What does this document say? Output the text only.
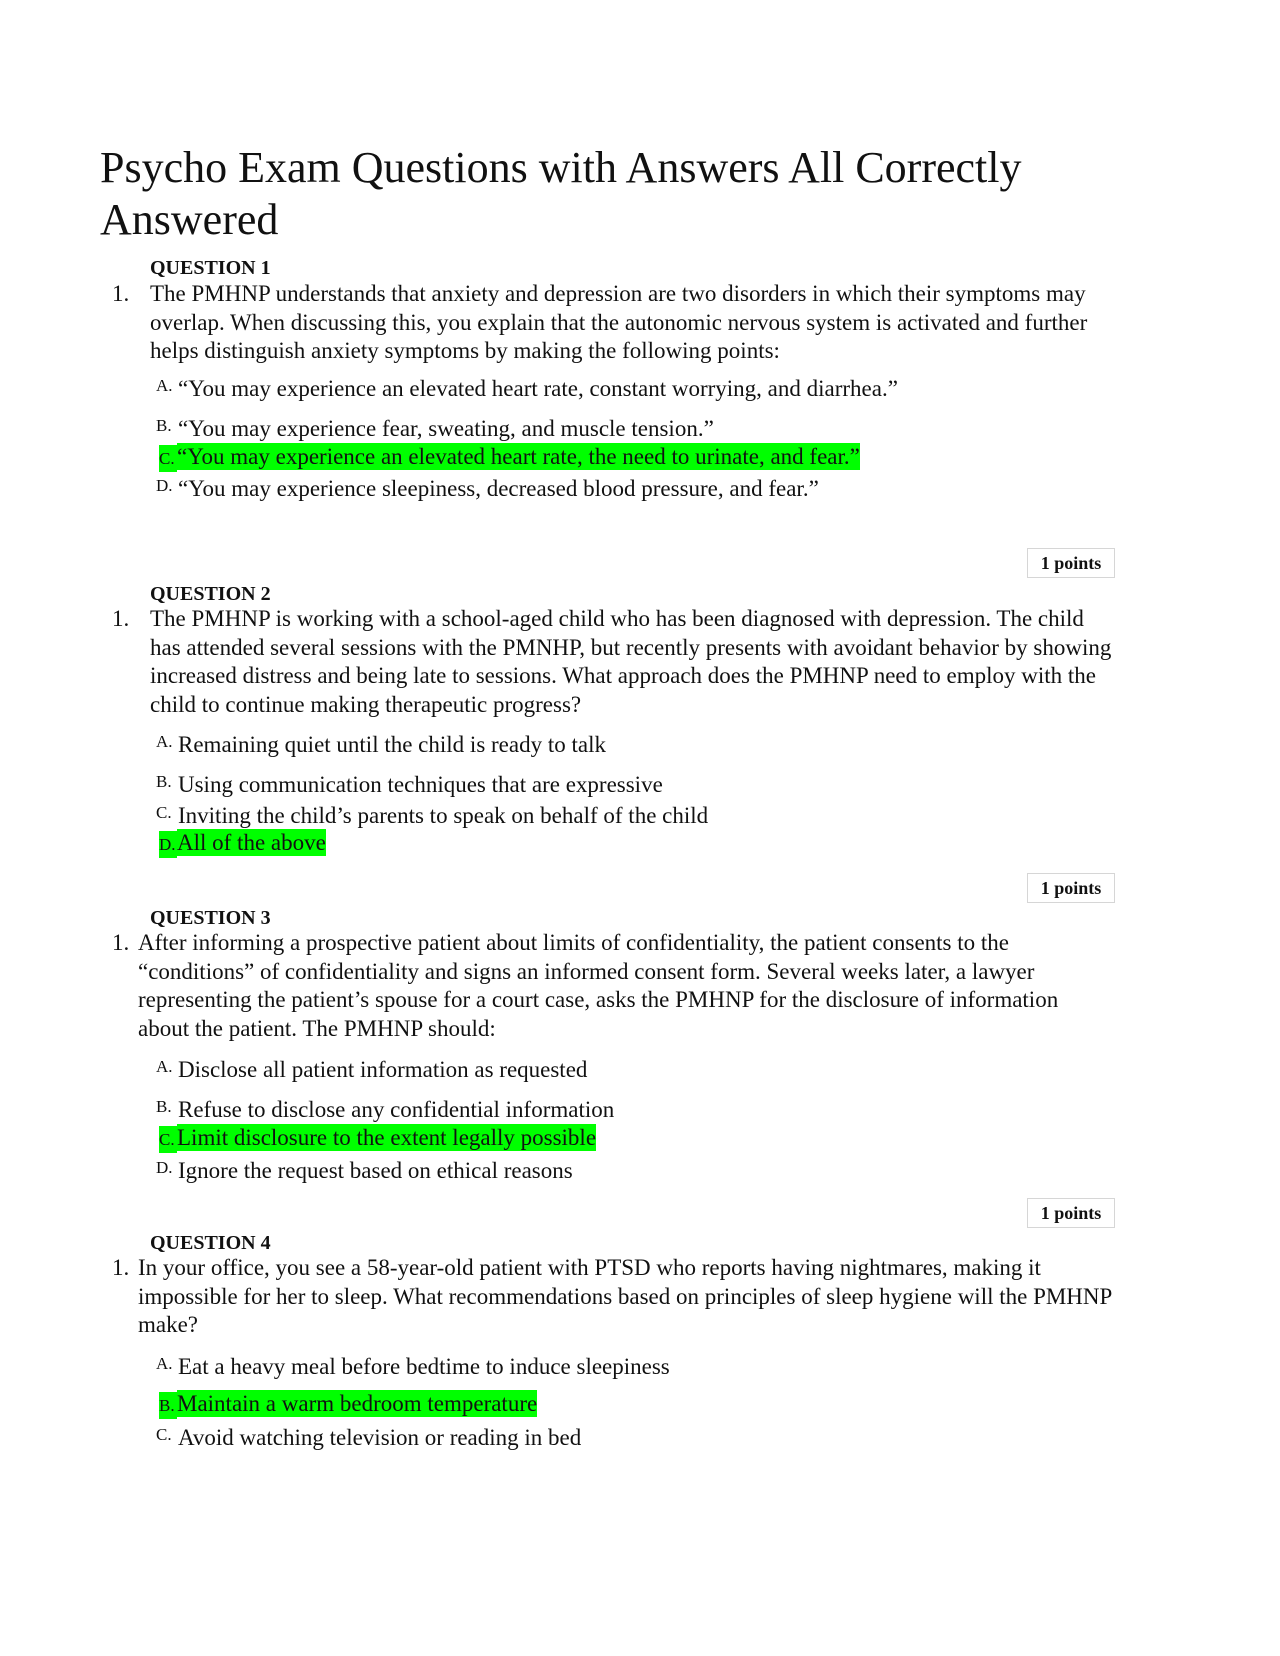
Psycho Exam Questions with Answers All Correctly Answered
QUESTION 1
1. The PMHNP understands that anxiety and depression are two disorders in which their symptoms may overlap. When discussing this, you explain that the autonomic nervous system is activated and further helps distinguish anxiety symptoms by making the following points:
A. “You may experience an elevated heart rate, constant worrying, and diarrhea.”
B. “You may experience fear, sweating, and muscle tension.”
C. “You may experience an elevated heart rate, the need to urinate, and fear.”
D. “You may experience sleepiness, decreased blood pressure, and fear.”
1 points
QUESTION 2
1. The PMHNP is working with a school-aged child who has been diagnosed with depression. The child has attended several sessions with the PMNHP, but recently presents with avoidant behavior by showing increased distress and being late to sessions. What approach does the PMHNP need to employ with the child to continue making therapeutic progress?
A. Remaining quiet until the child is ready to talk
B. Using communication techniques that are expressive
C. Inviting the child’s parents to speak on behalf of the child
D.All of the above
1 points
QUESTION 3
1. After informing a prospective patient about limits of confidentiality, the patient consents to the “conditions” of confidentiality and signs an informed consent form. Several weeks later, a lawyer representing the patient’s spouse for a court case, asks the PMHNP for the disclosure of information about the patient. The PMHNP should:
A. Disclose all patient information as requested
B. Refuse to disclose any confidential information
C. Limit disclosure to the extent legally possible
D. Ignore the request based on ethical reasons
1 points
QUESTION 4
1. In your office, you see a 58-year-old patient with PTSD who reports having nightmares, making it impossible for her to sleep. What recommendations based on principles of sleep hygiene will the PMHNP make?
A. Eat a heavy meal before bedtime to induce sleepiness
B. Maintain a warm bedroom temperature
C. Avoid watching television or reading in bed
